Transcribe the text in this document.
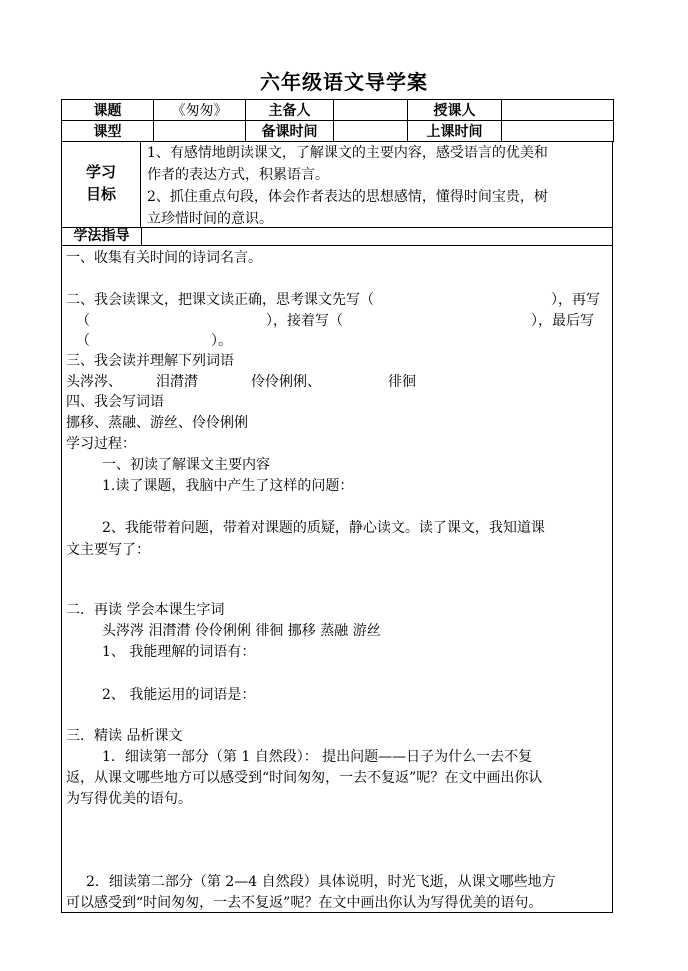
六年级语文导学案
课题	《匆匆》	主备人		授课人	
课型		备课时间		上课时间	
学习
目标
1、有感情地朗读课文，了解课文的主要内容，感受语言的优美和
作者的表达方式，积累语言。
2、抓住重点句段，体会作者表达的思想感情，懂得时间宝贵，树
立珍惜时间的意识。
学法指导
一、收集有关时间的诗词名言。
二、我会读课文，把课文读正确，思考课文先写（	），再写
（	），接着写（	），最后写
（	）。
三、我会读并理解下列词语
头涔涔、 泪潸潸	伶伶俐俐、	徘徊
四、我会写词语
挪移、蒸融、游丝、伶伶俐俐
学习过程：
一、初读了解课文主要内容
1.读了课题，我脑中产生了这样的问题：
2、我能带着问题，带着对课题的质疑，静心读文。读了课文，我知道课
文主要写了：
二．再读 学会本课生字词
头涔涔 泪潸潸 伶伶俐俐 徘徊 挪移 蒸融 游丝
1、 我能理解的词语有：
2、 我能运用的词语是：
三．精读 品析课文
1．细读第一部分（第 1 自然段）： 提出问题——日子为什么一去不复
返，从课文哪些地方可以感受到“时间匆匆，一去不复返”呢？在文中画出你认
为写得优美的语句。
2．细读第二部分（第 2—4 自然段）具体说明，时光飞逝，从课文哪些地方
可以感受到“时间匆匆，一去不复返”呢？在文中画出你认为写得优美的语句。
